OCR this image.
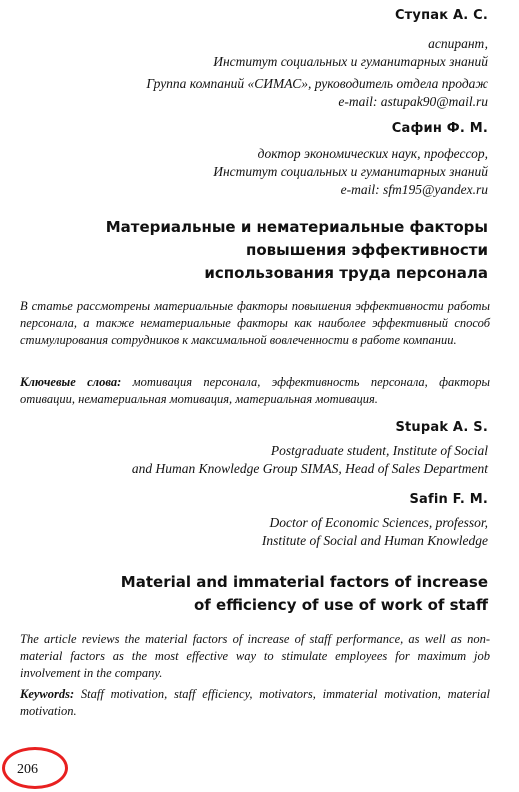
Ступак А. С.
аспирант,
Институт социальных и гуманитарных знаний
Группа компаний «СИМАС», руководитель отдела продаж
e-mail: astupak90@mail.ru
Сафин Ф. М.
доктор экономических наук, профессор,
Институт социальных и гуманитарных знаний
e-mail: sfm195@yandex.ru
Материальные и нематериальные факторы
повышения эффективности
использования труда персонала
В статье рассмотрены материальные факторы повышения эффективности работы персонала, а также нематериальные факторы как наиболее эффективный способ стимулирования сотрудников к максимальной вовлеченности в работе компании.
Ключевые слова: мотивация персонала, эффективность персонала, факторы отивации, нематериальная мотивация, материальная мотивация.
Stupak A. S.
Postgraduate student, Institute of Social
and Human Knowledge Group SIMAS, Head of Sales Department
Safin F. M.
Doctor of Economic Sciences, professor,
Institute of Social and Human Knowledge
Material and immaterial factors of increase
of efficiency of use of work of staff
The article reviews the material factors of increase of staff performance, as well as non-material factors as the most effective way to stimulate employees for maximum job involvement in the company.
Keywords: Staff motivation, staff efficiency, motivators, immaterial motivation, material motivation.
206
